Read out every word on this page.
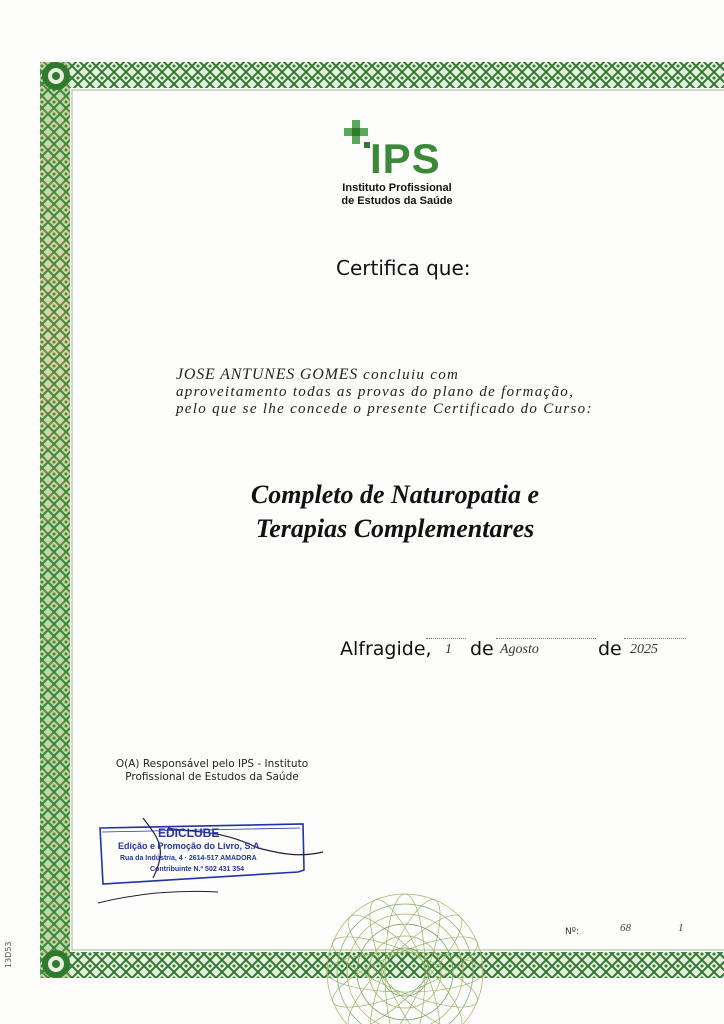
IPS
Instituto Profissional
de Estudos da Saúde
Certifica que:
JOSE ANTUNES GOMES concluiu com
aproveitamento todas as provas do plano de formação,
pelo que se lhe concede o presente Certificado do Curso:
Completo de Naturopatia e
Terapias Complementares
Alfragide, 1 de Agosto	de 2025
O(A) Responsável pelo IPS - Instituto
Profissional de Estudos da Saúde
EDICLUBE
Edição e Promoção do Livro, S.A.
Rua da Indústria, 4 · 2614-517 AMADORA
Contribuinte N.º 502 431 354
Nº:	68	1
13D53
